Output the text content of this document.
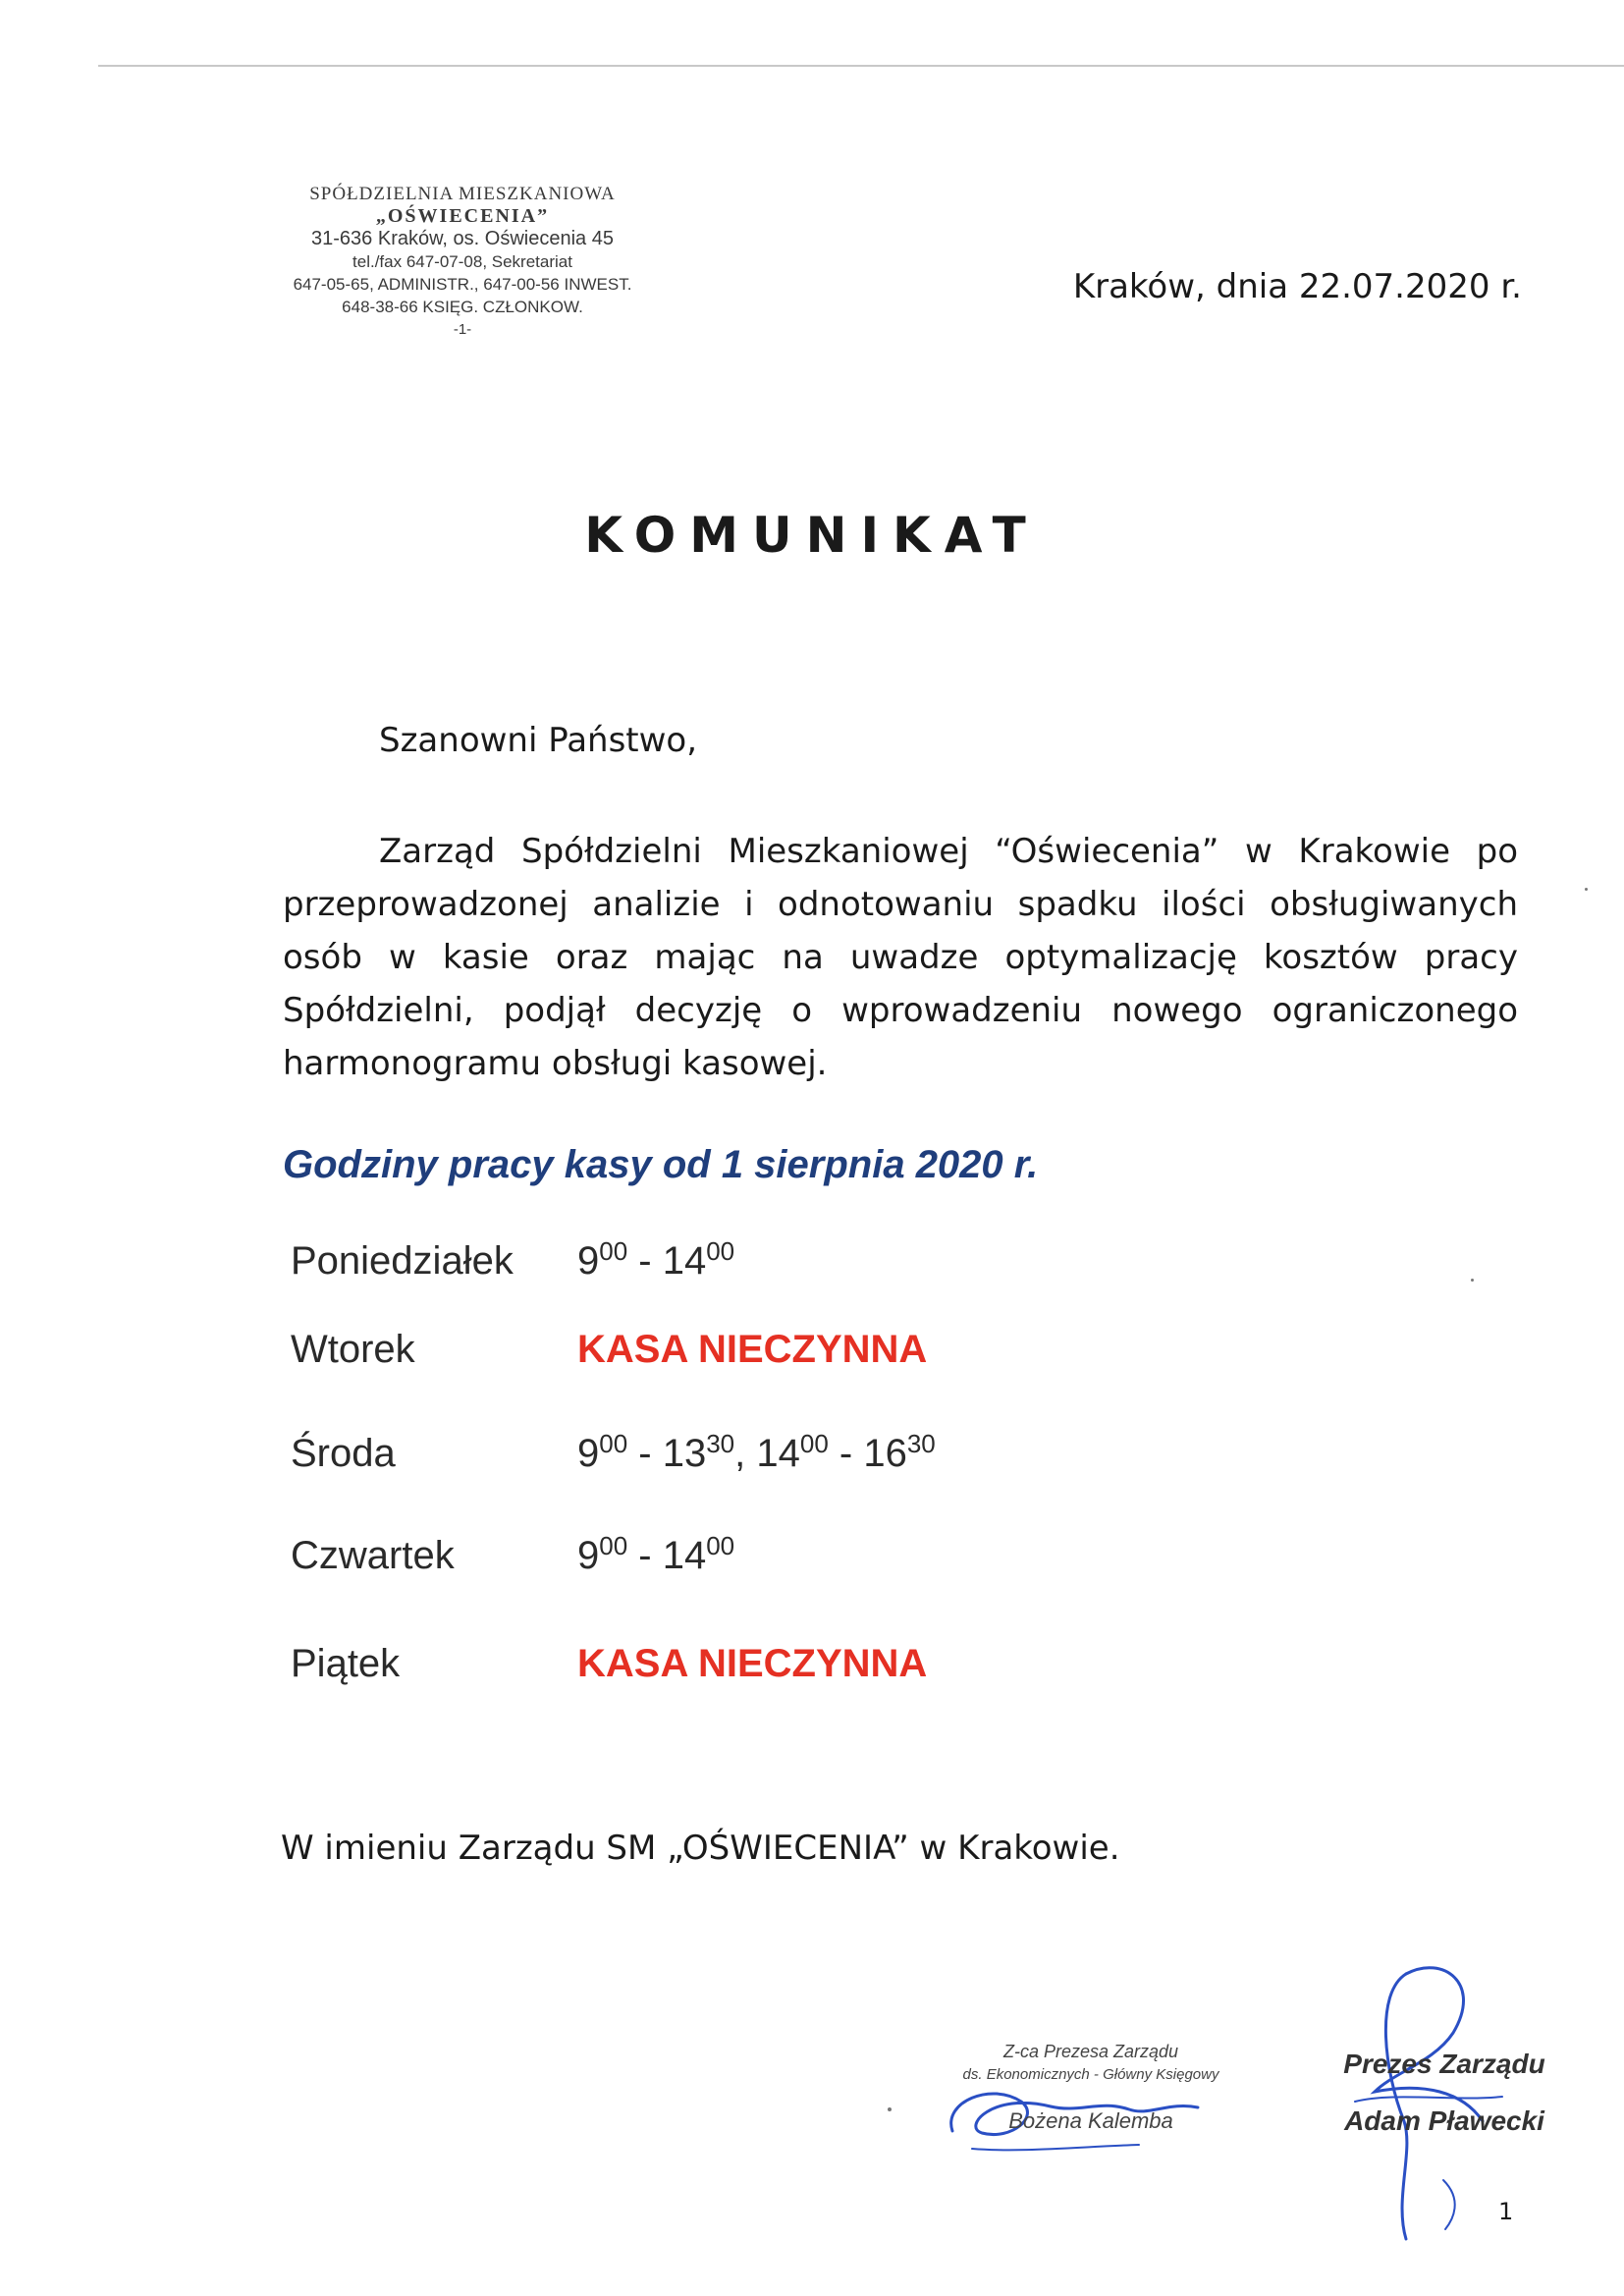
SPÓŁDZIELNIA MIESZKANIOWA
„OŚWIECENIA”
31-636 Kraków, os. Oświecenia 45
tel./fax 647-07-08, Sekretariat
647-05-65, ADMINISTR., 647-00-56 INWEST.
648-38-66 KSIĘG. CZŁONKOW.
-1-
Kraków, dnia 22.07.2020 r.
KOMUNIKAT
Szanowni Państwo,
Zarząd Spółdzielni Mieszkaniowej “Oświecenia” w Krakowie po przeprowadzonej analizie i odnotowaniu spadku ilości obsługiwanych osób w kasie oraz mając na uwadze optymalizację kosztów pracy Spółdzielni, podjął decyzję o wprowadzeniu nowego ograniczonego harmonogramu obsługi kasowej.
Godziny pracy kasy od 1 sierpnia 2020 r.
Poniedziałek $9^{00} - 14^{00}$
Wtorek	KASA NIECZYNNA
Środa	$9^{00} - 13^{30}$, $14^{00} - 16^{30}$
Czwartek	$9^{00} - 14^{00}$
Piątek	KASA NIECZYNNA
W imieniu Zarządu SM „OŚWIECENIA” w Krakowie.
Z-ca Prezesa Zarządu
ds. Ekonomicznych - Główny Księgowy
Bożena Kalemba
Prezes Zarządu
Adam Pławecki
1
